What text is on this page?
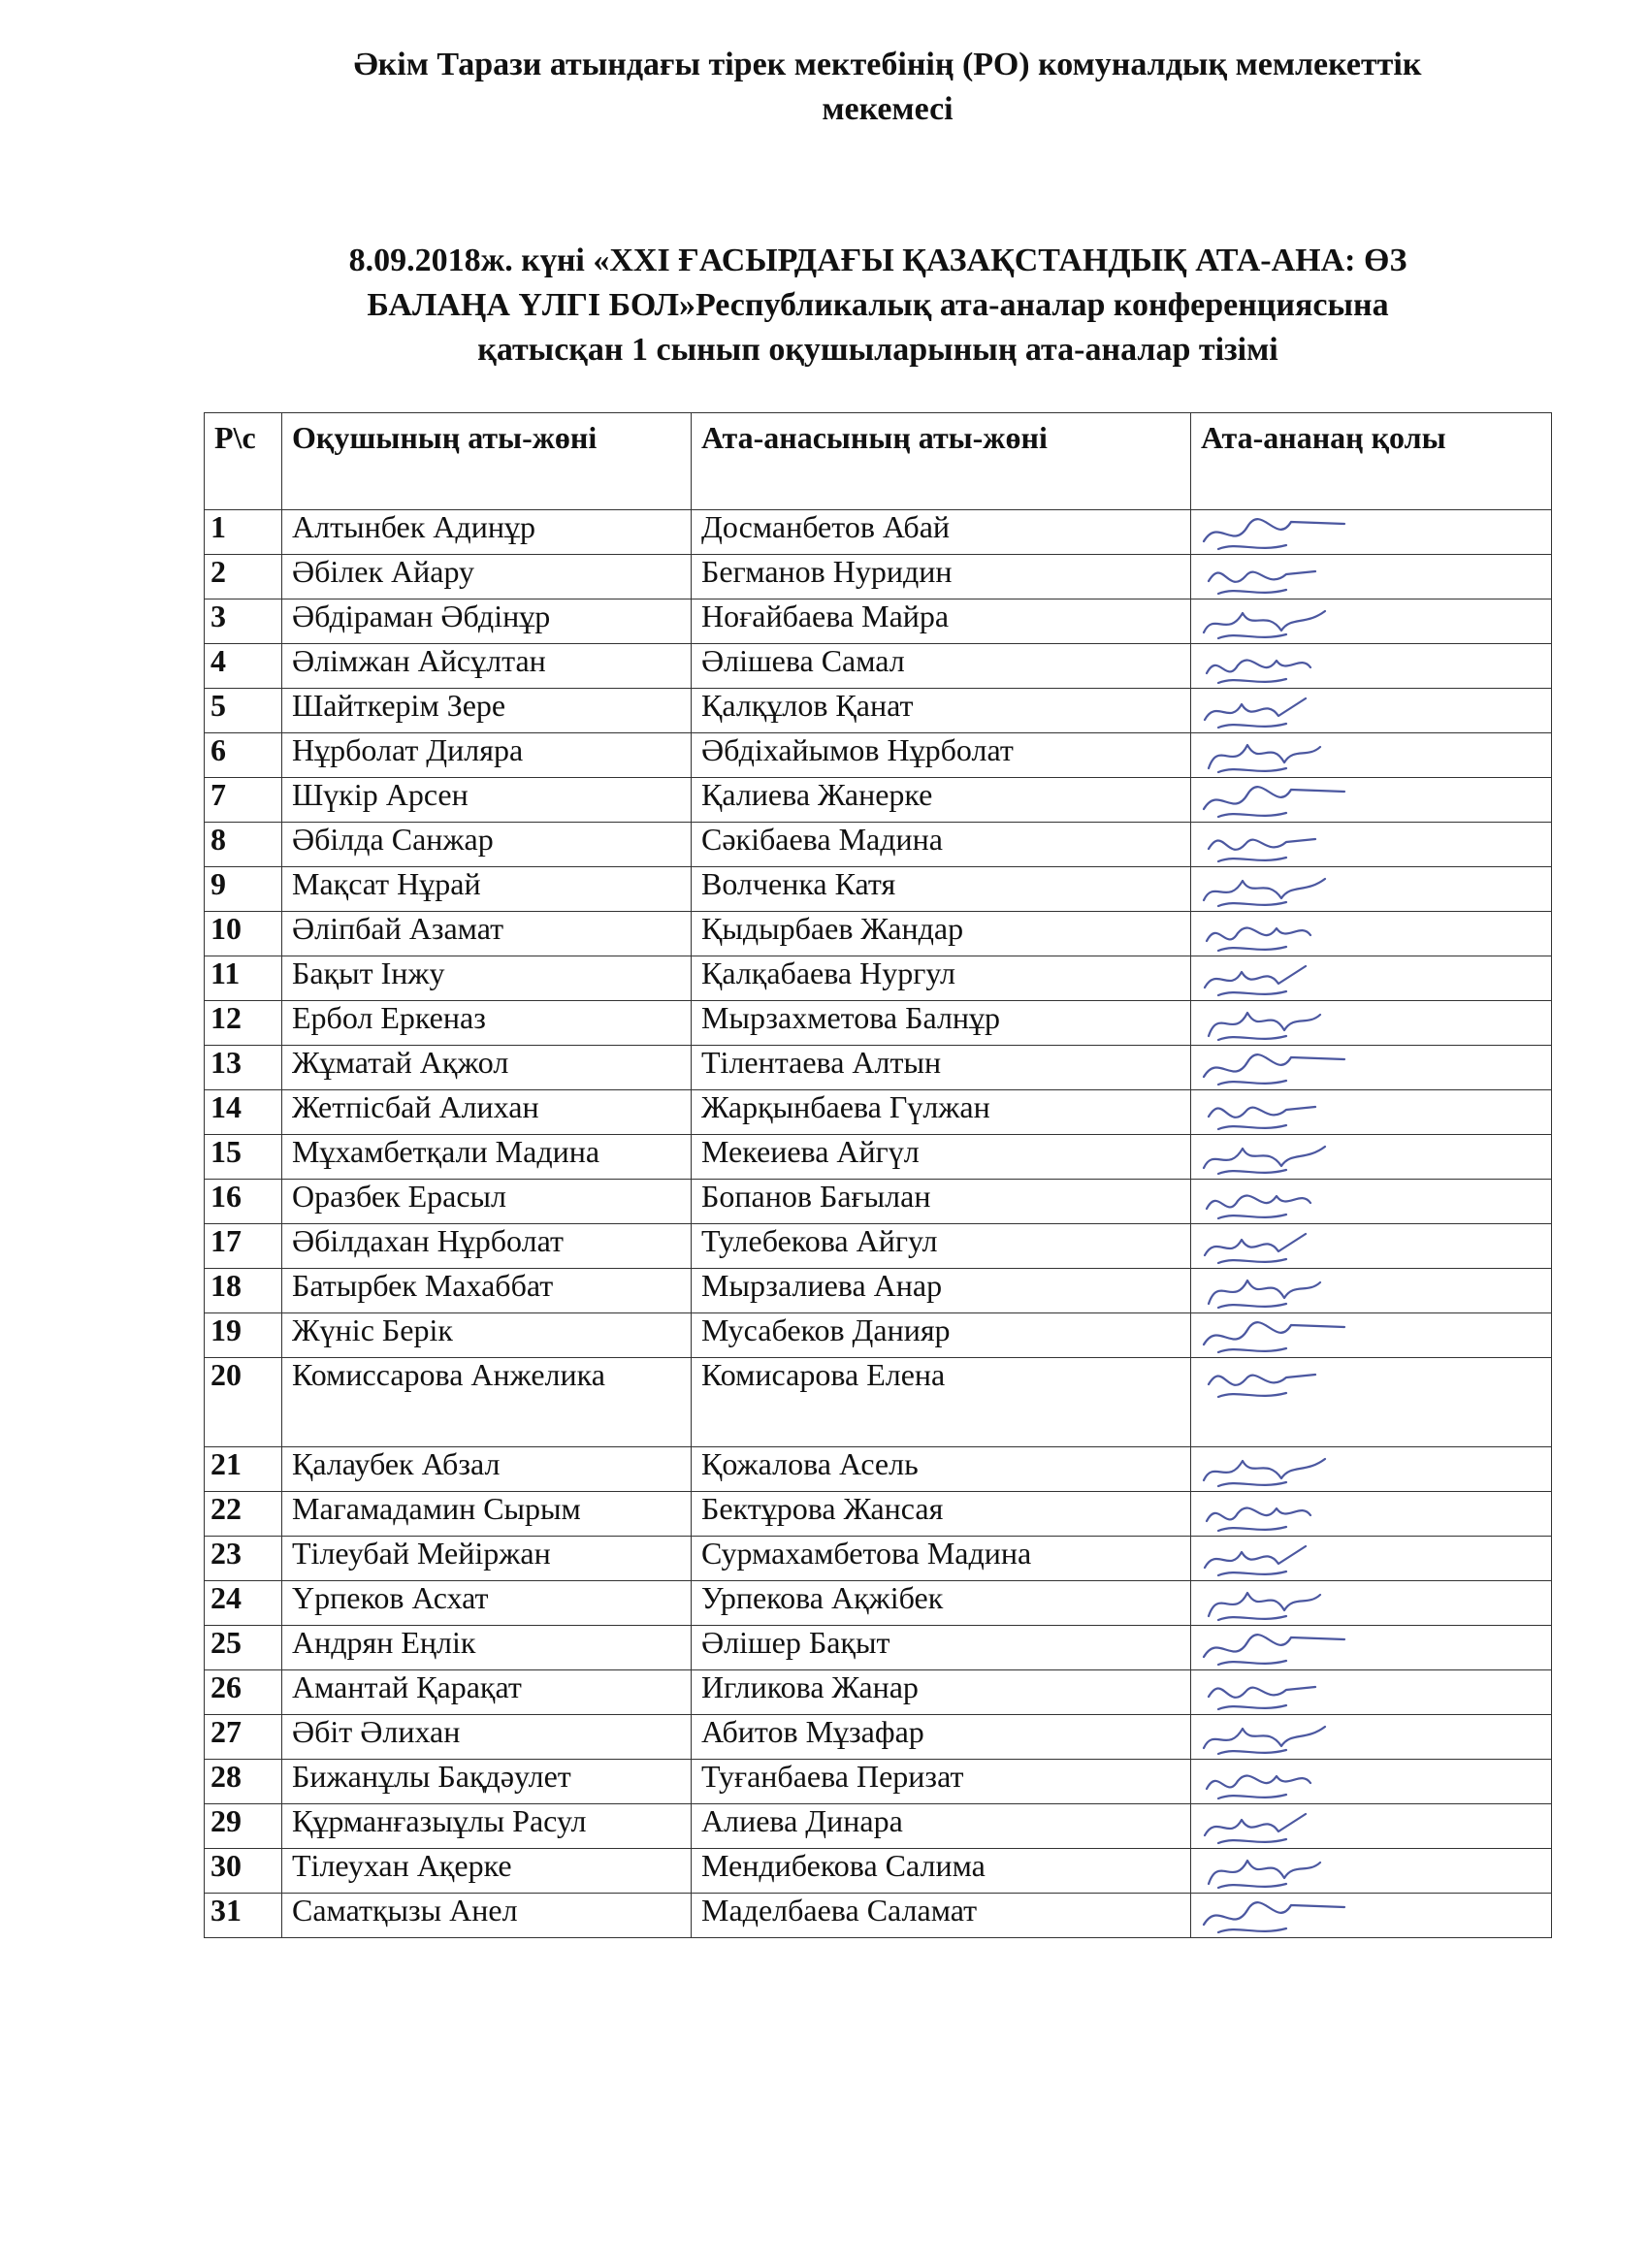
Әкім Тарази атындағы тірек мектебінің (РО) комуналдық мемлекеттік
мекемесі
8.09.2018ж. күні «XXI ҒАСЫРДАҒЫ ҚАЗАҚСТАНДЫҚ АТА-АНА: ӨЗ
БАЛАҢА ҮЛГІ БОЛ»Республикалық ата-аналар конференциясына
қатысқан 1 сынып оқушыларының ата-аналар тізімі
Р\с	Оқушының аты-жөні	Ата-анасының аты-жөні	Ата-ананаң қолы
1	Алтынбек Адинұр	Досманбетов Абай	

2	Әбілек Айару	Бегманов Нуридин	

3	Әбдіраман Әбдінұр	Ноғайбаева Майра	

4	Әлімжан Айсұлтан	Әлішева Самал	

5	Шайткерім Зере	Қалқұлов Қанат	

6	Нұрболат Диляра	Әбдіхайымов Нұрболат	

7	Шүкір Арсен	Қалиева Жанерке	

8	Әбілда Санжар	Сәкібаева Мадина	

9	Мақсат Нұрай	Волченка Катя	

10	Әліпбай Азамат	Қыдырбаев Жандар	

11	Бақыт Інжу	Қалқабаева Нургул	

12	Ербол Еркеназ	Мырзахметова Балнұр	

13	Жұматай Ақжол	Тілентаева Алтын	

14	Жетпісбай Алихан	Жарқынбаева Гүлжан	

15	Мұхамбетқали Мадина	Мекеиева Айгүл	

16	Оразбек Ерасыл	Бопанов Бағылан	

17	Әбілдахан Нұрболат	Тулебекова Айгул	

18	Батырбек Махаббат	Мырзалиева Анар	

19	Жүніс Берік	Мусабеков Данияр	

20	Комиссарова Анжелика	Комисарова Елена	

21	Қалаубек Абзал	Қожалова Асель	

22	Магамадамин Сырым	Бектұрова Жансая	

23	Тілеубай Мейіржан	Сурмахамбетова Мадина	

24	Үрпеков Асхат	Урпекова Ақжібек	

25	Андрян Еңлік	Әлішер Бақыт	

26	Амантай Қарақат	Игликова Жанар	

27	Әбіт Әлихан	Абитов Мұзафар	

28	Бижанұлы Бақдәулет	Туғанбаева Перизат	

29	Құрманғазыұлы Расул	Алиева Динара	

30	Тілеухан Ақерке	Мендибекова Салима	

31	Саматқызы Анел	Маделбаева Саламат	
